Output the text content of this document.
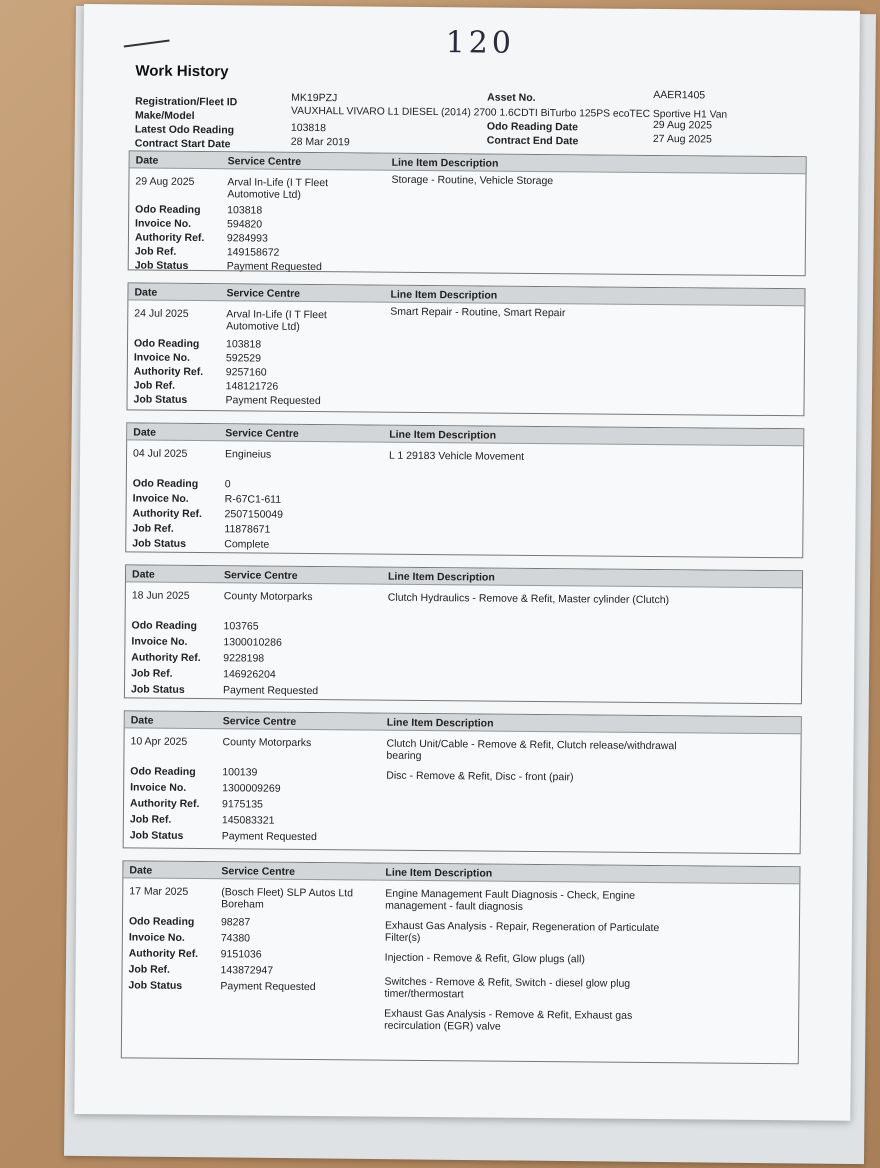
120
Work History
Registration/Fleet ID	MK19PZJ	Asset No.	AAER1405
Make/Model	VAUXHALL VIVARO L1 DIESEL (2014) 2700 1.6CDTI BiTurbo 125PS ecoTEC Sportive H1 Van
Latest Odo Reading	103818	Odo Reading Date	29 Aug 2025
Contract Start Date	28 Mar 2019	Contract End Date	27 Aug 2025
Date	Service Centre	Line Item Description
29 Aug 2025	Arval In-Life (I T Fleet Automotive Ltd)
Storage - Routine, Vehicle Storage
Odo Reading	103818
Invoice No.	594820
Authority Ref. 9284993
Job Ref.	149158672
Job Status	Payment Requested
Date	Service Centre	Line Item Description
24 Jul 2025	Arval In-Life (I T Fleet Automotive Ltd)
Smart Repair - Routine, Smart Repair
Odo Reading	103818
Invoice No.	592529
Authority Ref. 9257160
Job Ref.	148121726
Job Status	Payment Requested
Date	Service Centre	Line Item Description
04 Jul 2025	Engineius	L 1 29183 Vehicle Movement
Odo Reading	0
Invoice No.	R-67C1-611
Authority Ref. 2507150049
Job Ref.	11878671
Job Status	Complete
Date	Service Centre	Line Item Description
18 Jun 2025	County Motorparks	Clutch Hydraulics - Remove & Refit, Master cylinder (Clutch)
Odo Reading	103765
Invoice No.	1300010286
Authority Ref. 9228198
Job Ref.	146926204
Job Status	Payment Requested
Date	Service Centre	Line Item Description
10 Apr 2025	County Motorparks	Clutch Unit/Cable - Remove & Refit, Clutch release/withdrawal bearing
Disc - Remove & Refit, Disc - front (pair)
Odo Reading	100139
Invoice No.	1300009269
Authority Ref. 9175135
Job Ref.	145083321
Job Status	Payment Requested
Date	Service Centre	Line Item Description
17 Mar 2025	(Bosch Fleet) SLP Autos Ltd Boreham
Engine Management Fault Diagnosis - Check, Engine management - fault diagnosis
Exhaust Gas Analysis - Repair, Regeneration of Particulate Filter(s)
Injection - Remove & Refit, Glow plugs (all)
Switches - Remove & Refit, Switch - diesel glow plug timer/thermostart
Exhaust Gas Analysis - Remove & Refit, Exhaust gas recirculation (EGR) valve
Odo Reading	98287
Invoice No.	74380
Authority Ref. 9151036
Job Ref.	143872947
Job Status	Payment Requested
